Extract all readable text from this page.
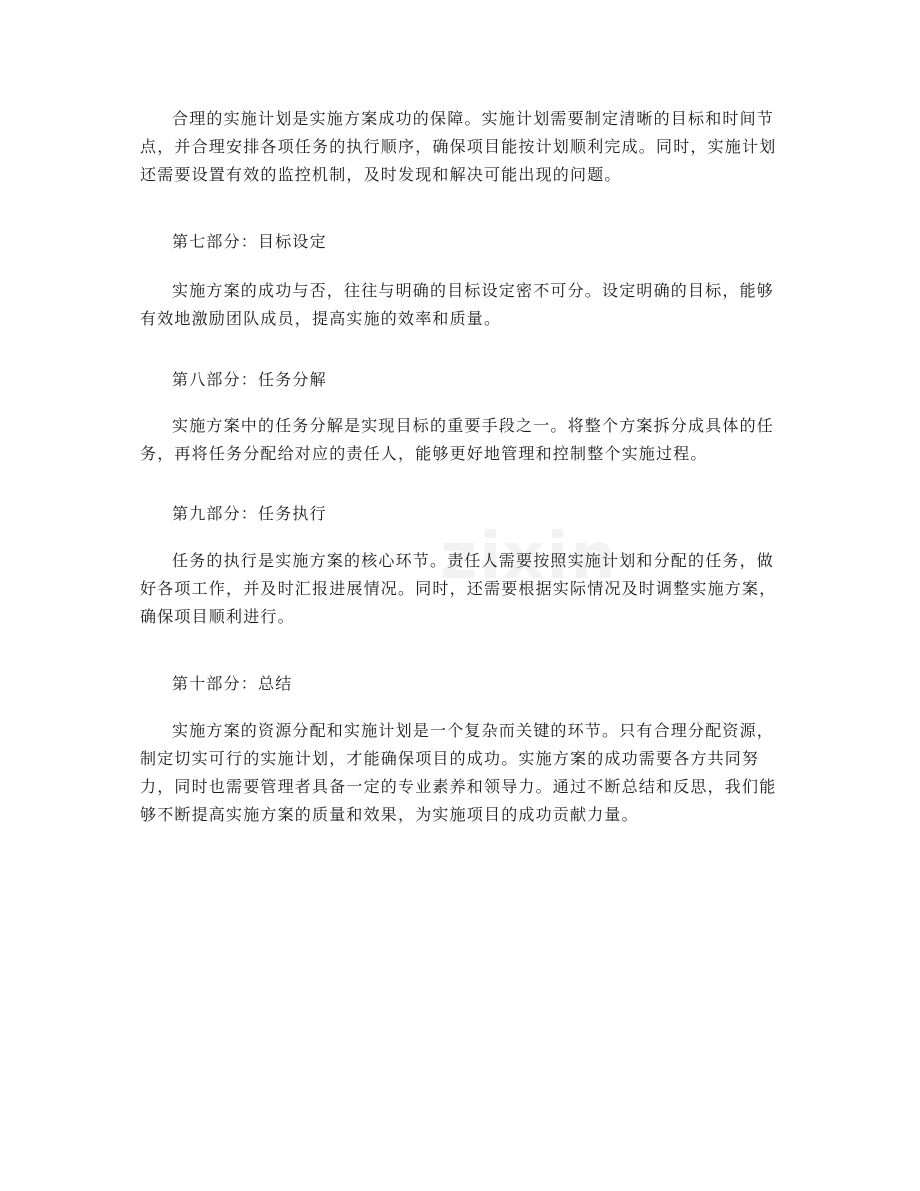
合理的实施计划是实施方案成功的保障。实施计划需要制定清晰的目标和时间节点，并合理安排各项任务的执行顺序，确保项目能按计划顺利完成。同时，实施计划还需要设置有效的监控机制，及时发现和解决可能出现的问题。

第七部分：目标设定

实施方案的成功与否，往往与明确的目标设定密不可分。设定明确的目标，能够有效地激励团队成员，提高实施的效率和质量。

第八部分：任务分解

实施方案中的任务分解是实现目标的重要手段之一。将整个方案拆分成具体的任务，再将任务分配给对应的责任人，能够更好地管理和控制整个实施过程。

第九部分：任务执行

任务的执行是实施方案的核心环节。责任人需要按照实施计划和分配的任务，做好各项工作，并及时汇报进展情况。同时，还需要根据实际情况及时调整实施方案，确保项目顺利进行。

第十部分：总结

实施方案的资源分配和实施计划是一个复杂而关键的环节。只有合理分配资源，制定切实可行的实施计划，才能确保项目的成功。实施方案的成功需要各方共同努力，同时也需要管理者具备一定的专业素养和领导力。通过不断总结和反思，我们能够不断提高实施方案的质量和效果，为实施项目的成功贡献力量。

zixin
